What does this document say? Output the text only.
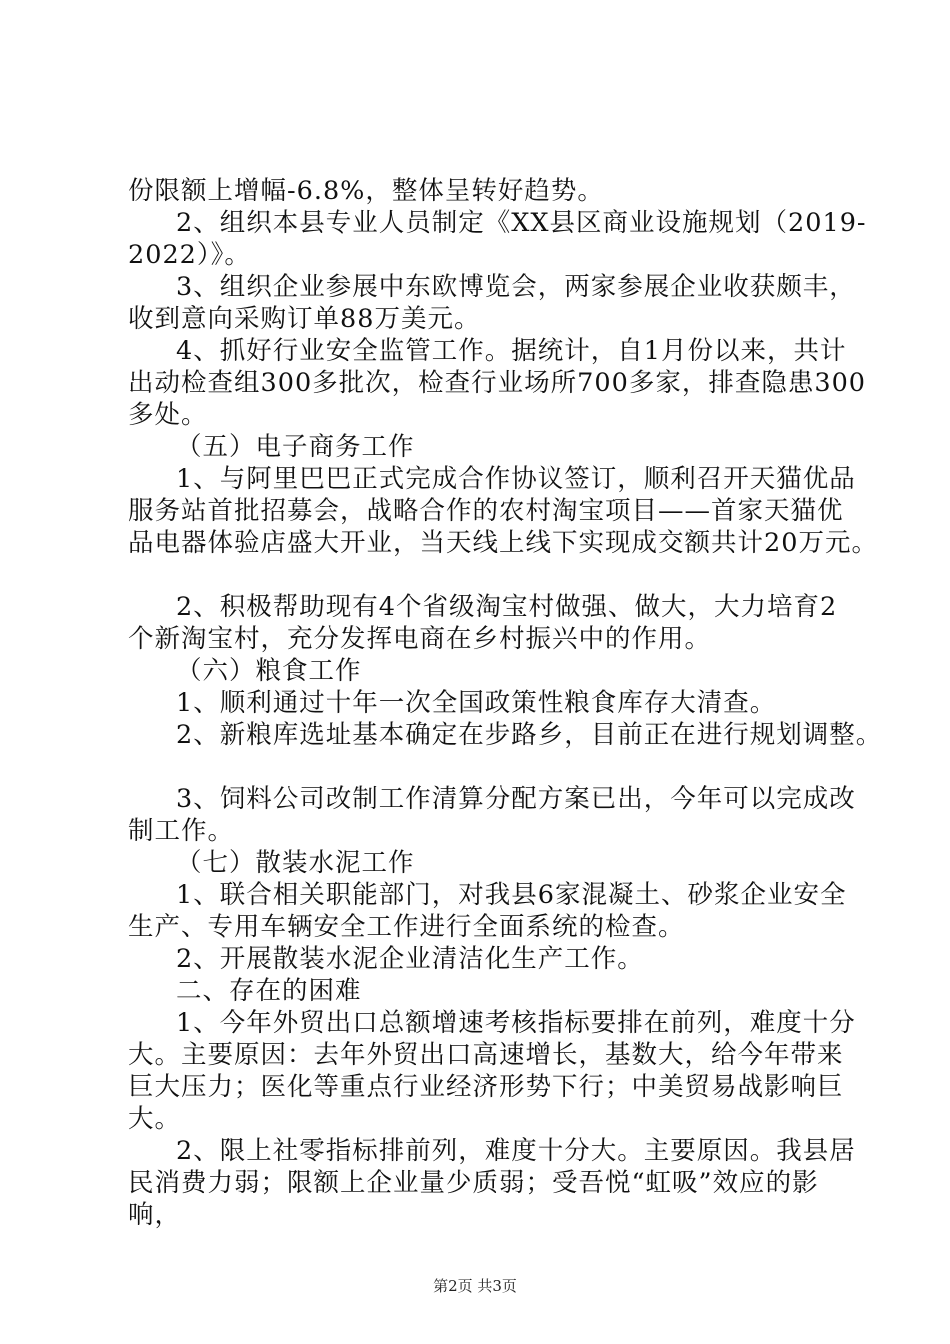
份限额上增幅-6.8%，整体呈转好趋势。
2、组织本县专业人员制定《XX县区商业设施规划（2019-
2022）》。
3、组织企业参展中东欧博览会，两家参展企业收获颇丰，
收到意向采购订单88万美元。
4、抓好行业安全监管工作。据统计，自1月份以来，共计
出动检查组300多批次，检查行业场所700多家，排查隐患300
多处。
（五）电子商务工作
1、与阿里巴巴正式完成合作协议签订，顺利召开天猫优品
服务站首批招募会，战略合作的农村淘宝项目——首家天猫优
品电器体验店盛大开业，当天线上线下实现成交额共计20万元。
2、积极帮助现有4个省级淘宝村做强、做大，大力培育2
个新淘宝村，充分发挥电商在乡村振兴中的作用。
（六）粮食工作
1、顺利通过十年一次全国政策性粮食库存大清查。
2、新粮库选址基本确定在步路乡，目前正在进行规划调整。
3、饲料公司改制工作清算分配方案已出，今年可以完成改
制工作。
（七）散装水泥工作
1、联合相关职能部门，对我县6家混凝土、砂浆企业安全
生产、专用车辆安全工作进行全面系统的检查。
2、开展散装水泥企业清洁化生产工作。
二、存在的困难
1、今年外贸出口总额增速考核指标要排在前列，难度十分
大。主要原因：去年外贸出口高速增长，基数大，给今年带来
巨大压力；医化等重点行业经济形势下行；中美贸易战影响巨
大。
2、限上社零指标排前列，难度十分大。主要原因。我县居
民消费力弱；限额上企业量少质弱；受吾悦“虹吸”效应的影
响，
第2页 共3页
